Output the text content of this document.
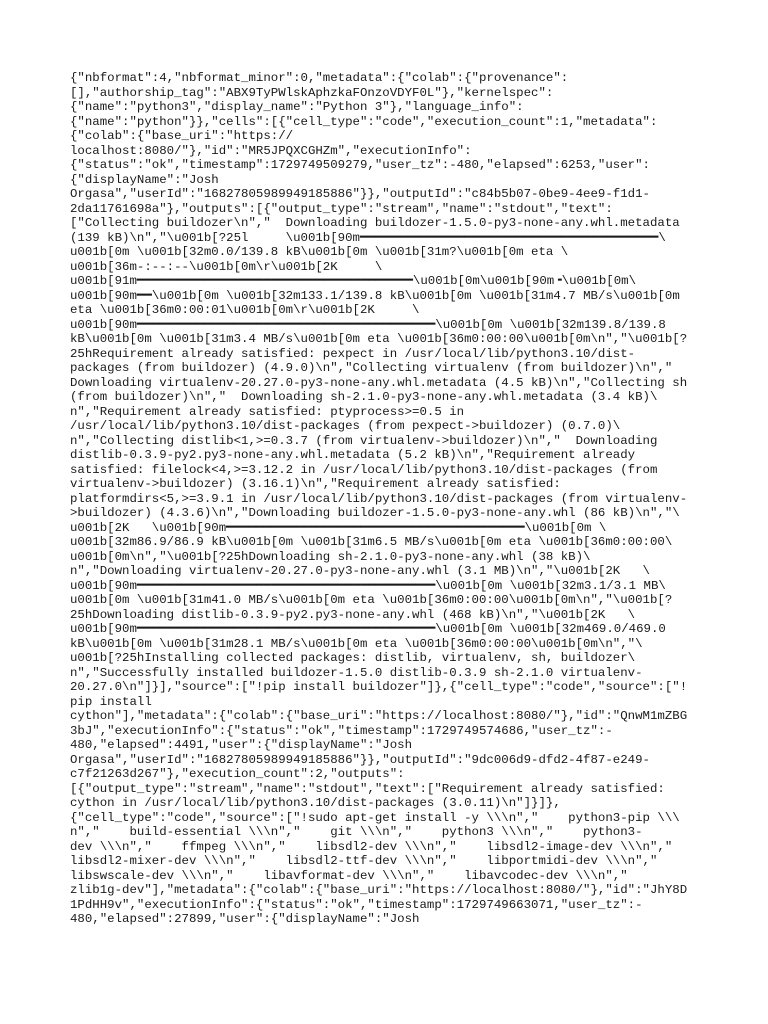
{"nbformat":4,"nbformat_minor":0,"metadata":{"colab":{"provenance":
[],"authorship_tag":"ABX9TyPWlskAphzkaFOnzoVDYF0L"},"kernelspec":
{"name":"python3","display_name":"Python 3"},"language_info":
{"name":"python"}},"cells":[{"cell_type":"code","execution_count":1,"metadata":
{"colab":{"base_uri":"https://
localhost:8080/"},"id":"MR5JPQXCGHZm","executionInfo":
{"status":"ok","timestamp":1729749509279,"user_tz":-480,"elapsed":6253,"user":
{"displayName":"Josh
Orgasa","userId":"16827805989949185886"}},"outputId":"c84b5b07-0be9-4ee9-f1d1-
2da11761698a"},"outputs":[{"output_type":"stream","name":"stdout","text":
["Collecting buildozer\n","  Downloading buildozer-1.5.0-py3-none-any.whl.metadata
(139 kB)\n","\u001b[?25l     \u001b[90m━━━━━━━━━━━━━━━━━━━━━━━━━━━━━━━━━━━━━━━━\
u001b[0m \u001b[32m0.0/139.8 kB\u001b[0m \u001b[31m?\u001b[0m eta \
u001b[36m-:--:--\u001b[0m\r\u001b[2K     \
u001b[91m━━━━━━━━━━━━━━━━━━━━━━━━━━━━━━━━━━━━━\u001b[0m\u001b[90m╺\u001b[0m\
u001b[90m━━\u001b[0m \u001b[32m133.1/139.8 kB\u001b[0m \u001b[31m4.7 MB/s\u001b[0m
eta \u001b[36m0:00:01\u001b[0m\r\u001b[2K     \
u001b[90m━━━━━━━━━━━━━━━━━━━━━━━━━━━━━━━━━━━━━━━━\u001b[0m \u001b[32m139.8/139.8
kB\u001b[0m \u001b[31m3.4 MB/s\u001b[0m eta \u001b[36m0:00:00\u001b[0m\n","\u001b[?
25hRequirement already satisfied: pexpect in /usr/local/lib/python3.10/dist-
packages (from buildozer) (4.9.0)\n","Collecting virtualenv (from buildozer)\n","
Downloading virtualenv-20.27.0-py3-none-any.whl.metadata (4.5 kB)\n","Collecting sh
(from buildozer)\n","  Downloading sh-2.1.0-py3-none-any.whl.metadata (3.4 kB)\
n","Requirement already satisfied: ptyprocess>=0.5 in
/usr/local/lib/python3.10/dist-packages (from pexpect->buildozer) (0.7.0)\
n","Collecting distlib<1,>=0.3.7 (from virtualenv->buildozer)\n","  Downloading
distlib-0.3.9-py2.py3-none-any.whl.metadata (5.2 kB)\n","Requirement already
satisfied: filelock<4,>=3.12.2 in /usr/local/lib/python3.10/dist-packages (from
virtualenv->buildozer) (3.16.1)\n","Requirement already satisfied:
platformdirs<5,>=3.9.1 in /usr/local/lib/python3.10/dist-packages (from virtualenv-
>buildozer) (4.3.6)\n","Downloading buildozer-1.5.0-py3-none-any.whl (86 kB)\n","\
u001b[2K   \u001b[90m━━━━━━━━━━━━━━━━━━━━━━━━━━━━━━━━━━━━━━━━\u001b[0m \
u001b[32m86.9/86.9 kB\u001b[0m \u001b[31m6.5 MB/s\u001b[0m eta \u001b[36m0:00:00\
u001b[0m\n","\u001b[?25hDownloading sh-2.1.0-py3-none-any.whl (38 kB)\
n","Downloading virtualenv-20.27.0-py3-none-any.whl (3.1 MB)\n","\u001b[2K   \
u001b[90m━━━━━━━━━━━━━━━━━━━━━━━━━━━━━━━━━━━━━━━━\u001b[0m \u001b[32m3.1/3.1 MB\
u001b[0m \u001b[31m41.0 MB/s\u001b[0m eta \u001b[36m0:00:00\u001b[0m\n","\u001b[?
25hDownloading distlib-0.3.9-py2.py3-none-any.whl (468 kB)\n","\u001b[2K   \
u001b[90m━━━━━━━━━━━━━━━━━━━━━━━━━━━━━━━━━━━━━━━━\u001b[0m \u001b[32m469.0/469.0
kB\u001b[0m \u001b[31m28.1 MB/s\u001b[0m eta \u001b[36m0:00:00\u001b[0m\n","\
u001b[?25hInstalling collected packages: distlib, virtualenv, sh, buildozer\
n","Successfully installed buildozer-1.5.0 distlib-0.3.9 sh-2.1.0 virtualenv-
20.27.0\n"]}],"source":["!pip install buildozer"]},{"cell_type":"code","source":["!
pip install
cython"],"metadata":{"colab":{"base_uri":"https://localhost:8080/"},"id":"QnwM1mZBG
3bJ","executionInfo":{"status":"ok","timestamp":1729749574686,"user_tz":-
480,"elapsed":4491,"user":{"displayName":"Josh
Orgasa","userId":"16827805989949185886"}},"outputId":"9dc006d9-dfd2-4f87-e249-
c7f21263d267"},"execution_count":2,"outputs":
[{"output_type":"stream","name":"stdout","text":["Requirement already satisfied:
cython in /usr/local/lib/python3.10/dist-packages (3.0.11)\n"]}]},
{"cell_type":"code","source":["!sudo apt-get install -y \\\n","    python3-pip \\\
n","    build-essential \\\n","    git \\\n","    python3 \\\n","    python3-
dev \\\n","    ffmpeg \\\n","    libsdl2-dev \\\n","    libsdl2-image-dev \\\n","
libsdl2-mixer-dev \\\n","    libsdl2-ttf-dev \\\n","    libportmidi-dev \\\n","
libswscale-dev \\\n","    libavformat-dev \\\n","    libavcodec-dev \\\n","
zlib1g-dev"],"metadata":{"colab":{"base_uri":"https://localhost:8080/"},"id":"JhY8D
1PdHH9v","executionInfo":{"status":"ok","timestamp":1729749663071,"user_tz":-
480,"elapsed":27899,"user":{"displayName":"Josh
